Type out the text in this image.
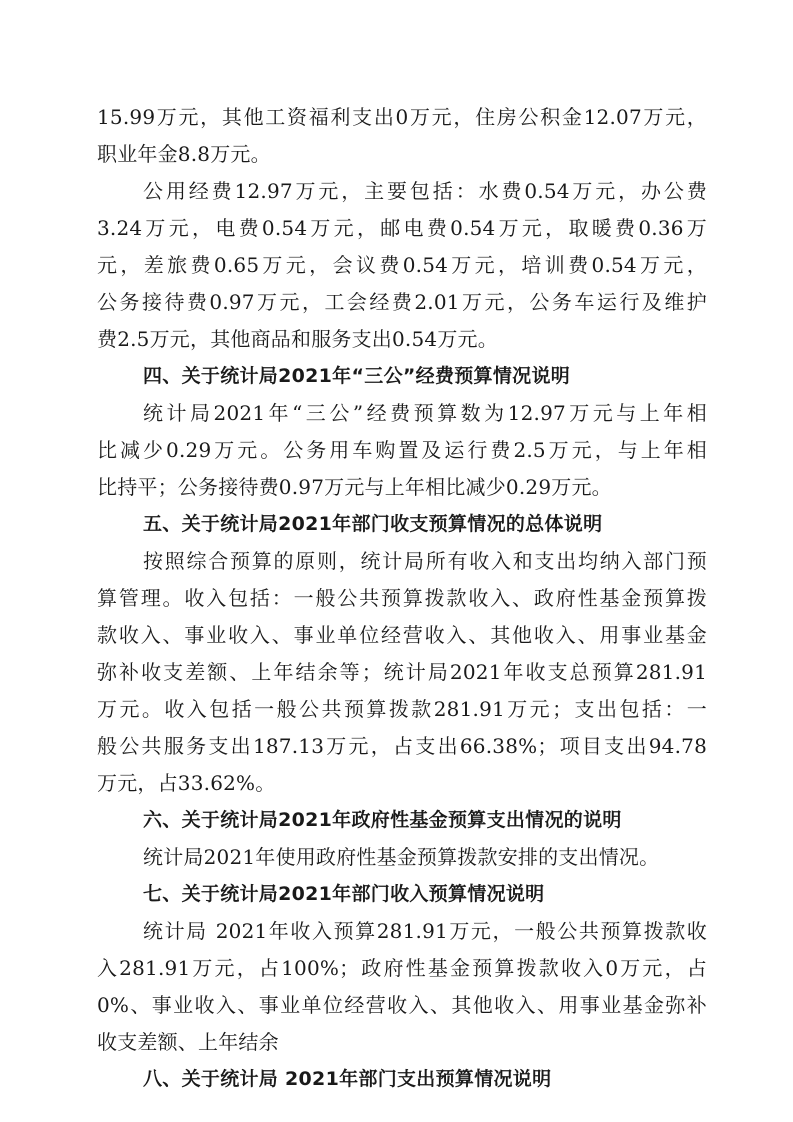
15.99万元，其他工资福利支出0万元，住房公积金12.07万元，
职业年金8.8万元。
公用经费12.97万元，主要包括：水费0.54万元，办公费
3.24万元，电费0.54万元，邮电费0.54万元，取暖费0.36万
元，差旅费0.65万元，会议费0.54万元，培训费0.54万元，
公务接待费0.97万元，工会经费2.01万元，公务车运行及维护
费2.5万元，其他商品和服务支出0.54万元。
四、关于统计局2021年“三公”经费预算情况说明
统计局2021年“三公”经费预算数为12.97万元与上年相
比减少0.29万元。公务用车购置及运行费2.5万元，与上年相
比持平；公务接待费0.97万元与上年相比减少0.29万元。
五、关于统计局2021年部门收支预算情况的总体说明
按照综合预算的原则，统计局所有收入和支出均纳入部门预
算管理。收入包括：一般公共预算拨款收入、政府性基金预算拨
款收入、事业收入、事业单位经营收入、其他收入、用事业基金
弥补收支差额、上年结余等；统计局2021年收支总预算281.91
万元。收入包括一般公共预算拨款281.91万元；支出包括：一
般公共服务支出187.13万元，占支出66.38%；项目支出94.78
万元，占33.62%。
六、关于统计局2021年政府性基金预算支出情况的说明
统计局2021年使用政府性基金预算拨款安排的支出情况。
七、关于统计局2021年部门收入预算情况说明
统计局 2021年收入预算281.91万元，一般公共预算拨款收
入281.91万元，占100%；政府性基金预算拨款收入0万元，占
0%、事业收入、事业单位经营收入、其他收入、用事业基金弥补
收支差额、上年结余
八、关于统计局 2021年部门支出预算情况说明
